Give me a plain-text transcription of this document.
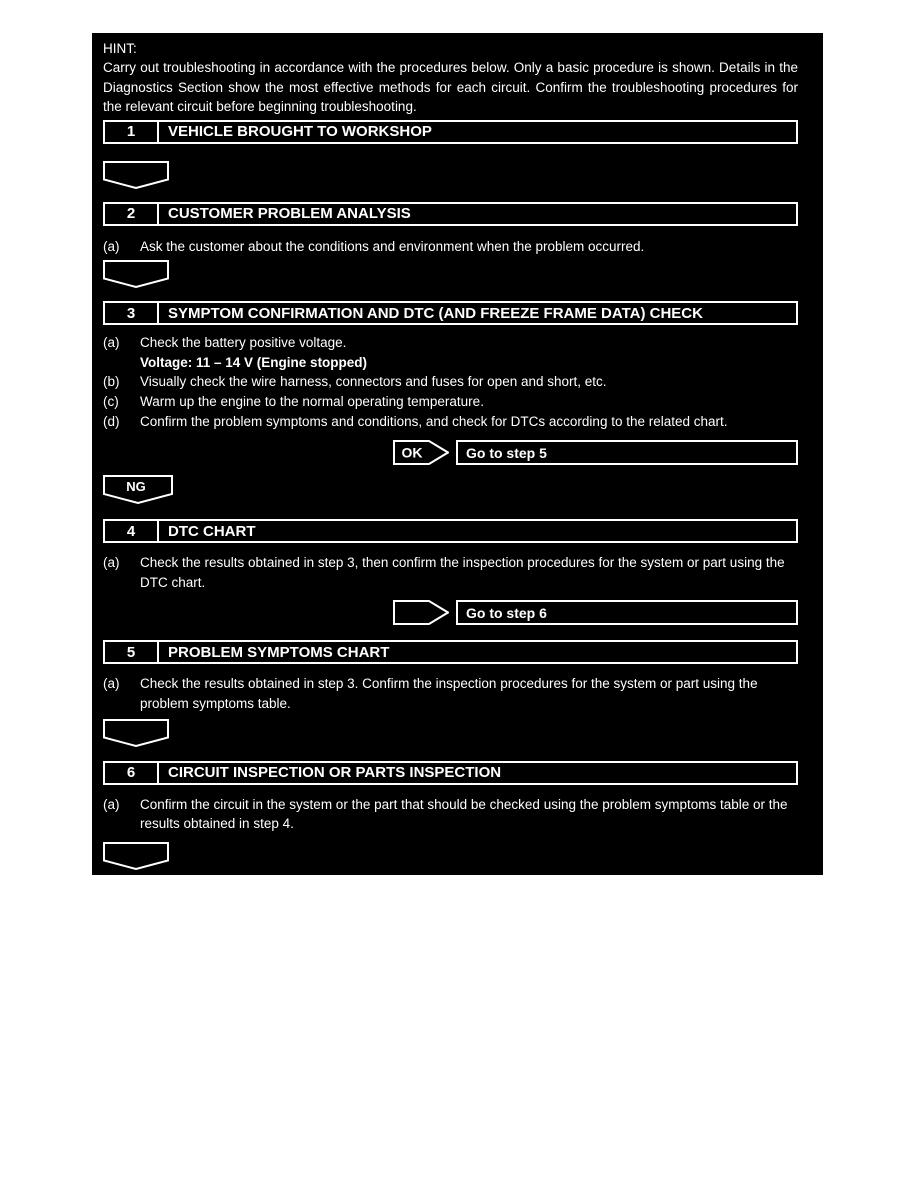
HINT:
Carry out troubleshooting in accordance with the procedures below. Only a basic procedure is shown. Details in the Diagnostics Section show the most effective methods for each circuit. Confirm the troubleshooting procedures for the relevant circuit before beginning troubleshooting.
1	VEHICLE BROUGHT TO WORKSHOP
2	CUSTOMER PROBLEM ANALYSIS
(a)	Ask the customer about the conditions and environment when the problem occurred.
3	SYMPTOM CONFIRMATION AND DTC (AND FREEZE FRAME DATA) CHECK
(a)	Check the battery positive voltage.
Voltage: 11 – 14 V (Engine stopped)
(b)	Visually check the wire harness, connectors and fuses for open and short, etc.
(c)	Warm up the engine to the normal operating temperature.
(d)	Confirm the problem symptoms and conditions, and check for DTCs according to the related chart.
OK	Go to step 5
NG
4	DTC CHART
(a)	Check the results obtained in step 3, then confirm the inspection procedures for the system or part using the DTC chart.
Go to step 6
5	PROBLEM SYMPTOMS CHART
(a)	Check the results obtained in step 3. Confirm the inspection procedures for the system or part using the problem symptoms table.
6	CIRCUIT INSPECTION OR PARTS INSPECTION
(a)	Confirm the circuit in the system or the part that should be checked using the problem symptoms table or the results obtained in step 4.
